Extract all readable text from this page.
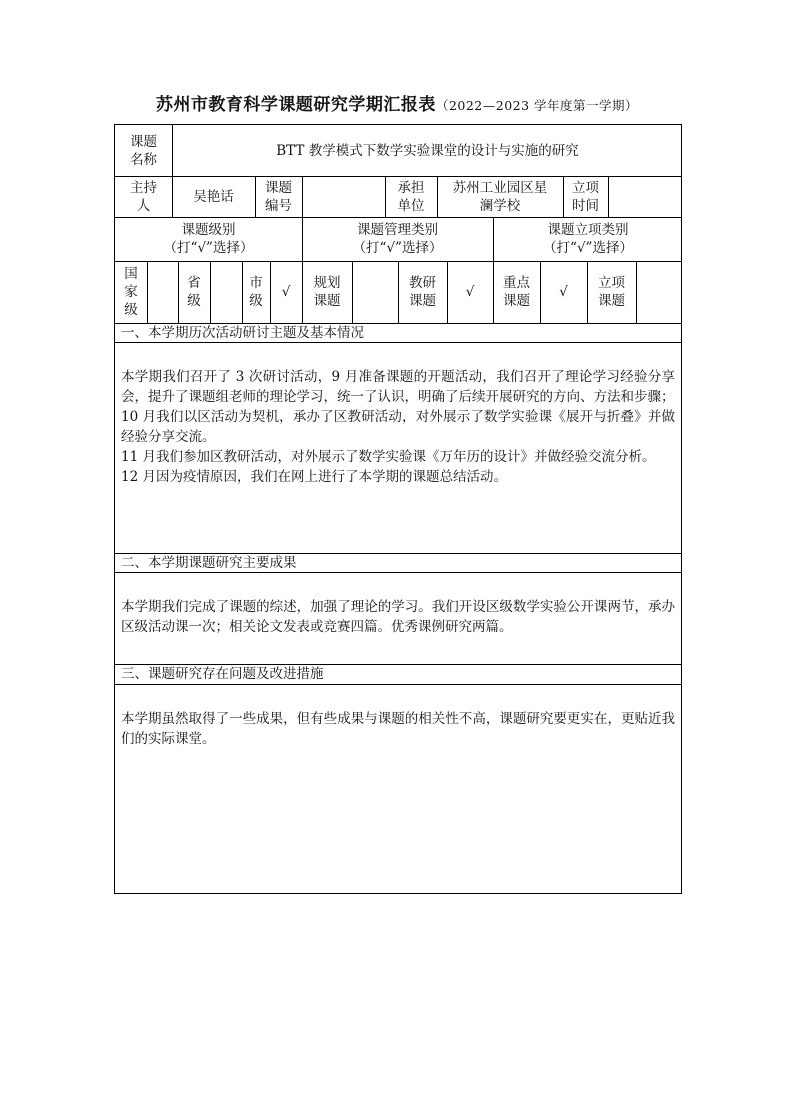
苏州市教育科学课题研究学期汇报表（2022—2023 学年度第一学期）
课题名称
BTT 教学模式下数学实验课堂的设计与实施的研究
主持人
吴艳话
课题编号
承担单位
苏州工业园区星澜学校
立项时间
课题级别
（打“√”选择）
课题管理类别
（打“√”选择）
课题立项类别
（打“√”选择）
国家级
省级
市级
√
规划课题
教研课题
√
重点课题
√
立项课题
一、本学期历次活动研讨主题及基本情况

本学期我们召开了 3 次研讨活动，9 月准备课题的开题活动，我们召开了理论学习经验分享会，提升了课题组老师的理论学习，统一了认识，明确了后续开展研究的方向、方法和步骤；

10 月我们以区活动为契机，承办了区教研活动，对外展示了数学实验课《展开与折叠》并做经验分享交流。

11 月我们参加区教研活动，对外展示了数学实验课《万年历的设计》并做经验交流分析。

12 月因为疫情原因，我们在网上进行了本学期的课题总结活动。

二、本学期课题研究主要成果

本学期我们完成了课题的综述，加强了理论的学习。我们开设区级数学实验公开课两节，承办区级活动课一次；相关论文发表或竞赛四篇。优秀课例研究两篇。

三、课题研究存在问题及改进措施

本学期虽然取得了一些成果，但有些成果与课题的相关性不高，课题研究要更实在，更贴近我们的实际课堂。
